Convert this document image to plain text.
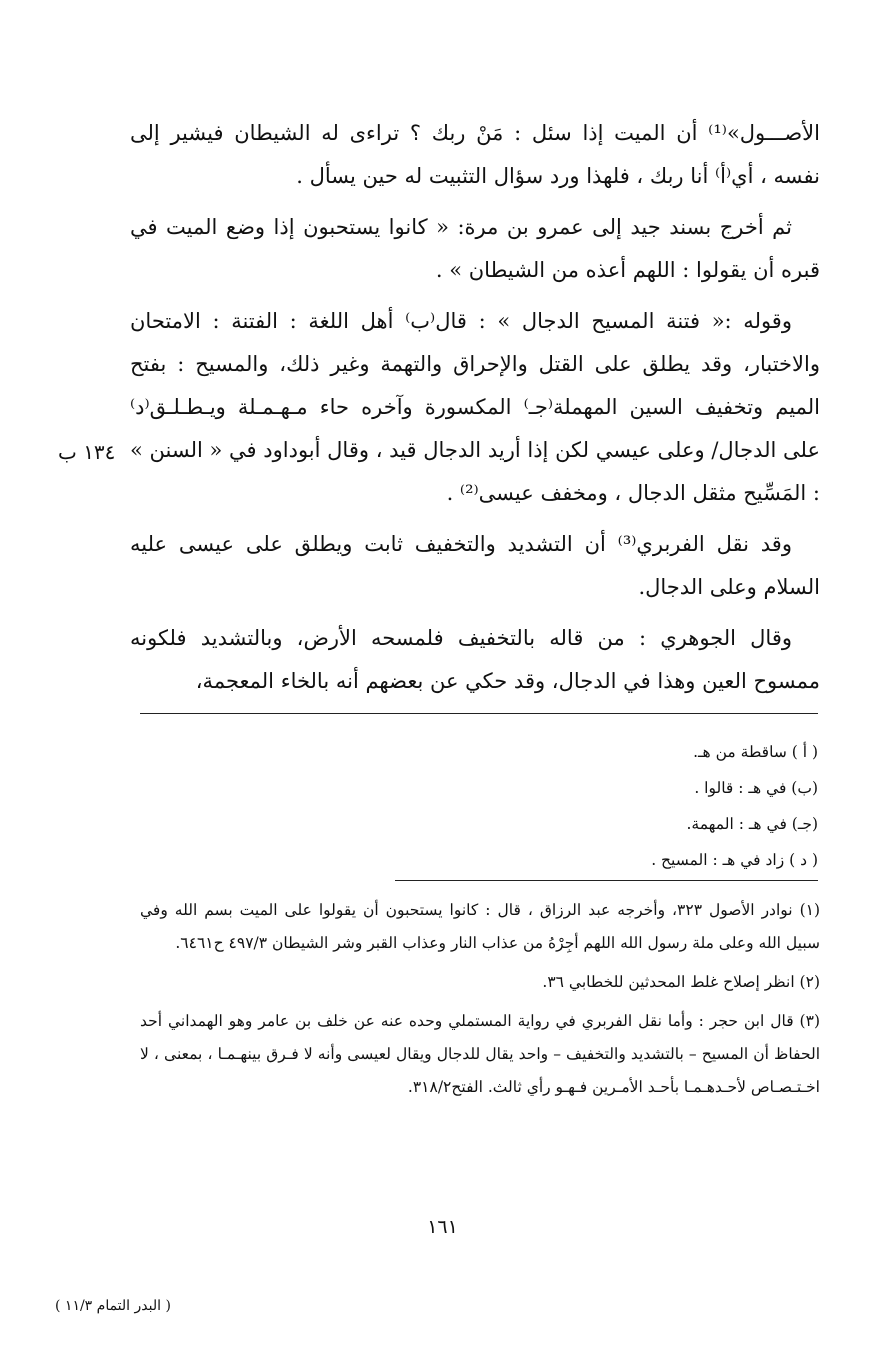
الأصـــول»⁽¹⁾ أن الميت إذا سئل : مَنْ ربك ؟ تراءى له الشيطان فيشير إلى نفسه ، أي⁽أ⁾ أنا ربك ، فلهذا ورد سؤال التثبيت له حين يسأل .

ثم أخرج بسند جيد إلى عمرو بن مرة: « كانوا يستحبون إذا وضع الميت في قبره أن يقولوا : اللهم أعذه من الشيطان » .

وقوله :« فتنة المسيح الدجال » : قال⁽ب⁾ أهل اللغة : الفتنة : الامتحان والاختبار، وقد يطلق على القتل والإحراق والتهمة وغير ذلك، والمسيح : بفتح الميم وتخفيف السين المهملة⁽جـ⁾ المكسورة وآخره حاء مـهـمـلة ويـطـلـق⁽د⁾ على الدجال/ وعلى عيسي لكن إذا أريد الدجال قيد ، وقال أبوداود في « السنن » : المَسِّيح مثقل الدجال ، ومخفف عيسى⁽²⁾ .

وقد نقل الفربري⁽³⁾ أن التشديد والتخفيف ثابت ويطلق على عيسى عليه السلام وعلى الدجال.

وقال الجوهري : من قاله بالتخفيف فلمسحه الأرض، وبالتشديد فلكونه ممسوح العين وهذا في الدجال، وقد حكي عن بعضهم أنه بالخاء المعجمة،

١٣٤ ب
( أ ) ساقطة من هـ.
(ب) في هـ : قالوا .
(جـ) في هـ : المهمة.
( د ) زاد في هـ : المسيح .

(١) نوادر الأصول ٣٢٣، وأخرجه عبد الرزاق ، قال : كانوا يستحبون أن يقولوا على الميت بسم الله وفي سبيل الله وعلى ملة رسول الله اللهم أجِرْهُ من عذاب النار وعذاب القبر وشر الشيطان ٤٩٧/٣ ح٦٤٦١.

(٢) انظر إصلاح غلط المحدثين للخطابي ٣٦.

(٣) قال ابن حجر : وأما نقل الفربري في رواية المستملي وحده عنه عن خلف بن عامر وهو الهمداني أحد الحفاظ أن المسيح – بالتشديد والتخفيف – واحد يقال للدجال ويقال لعيسى وأنه لا فـرق بينهـمـا ، بمعنى ، لا اخـتـصـاص لأحـدهـمـا بأحـد الأمـرين فـهـو رأي ثالث. الفتح٣١٨/٢.

١٦١
( البدر التمام ١١/٣ )
